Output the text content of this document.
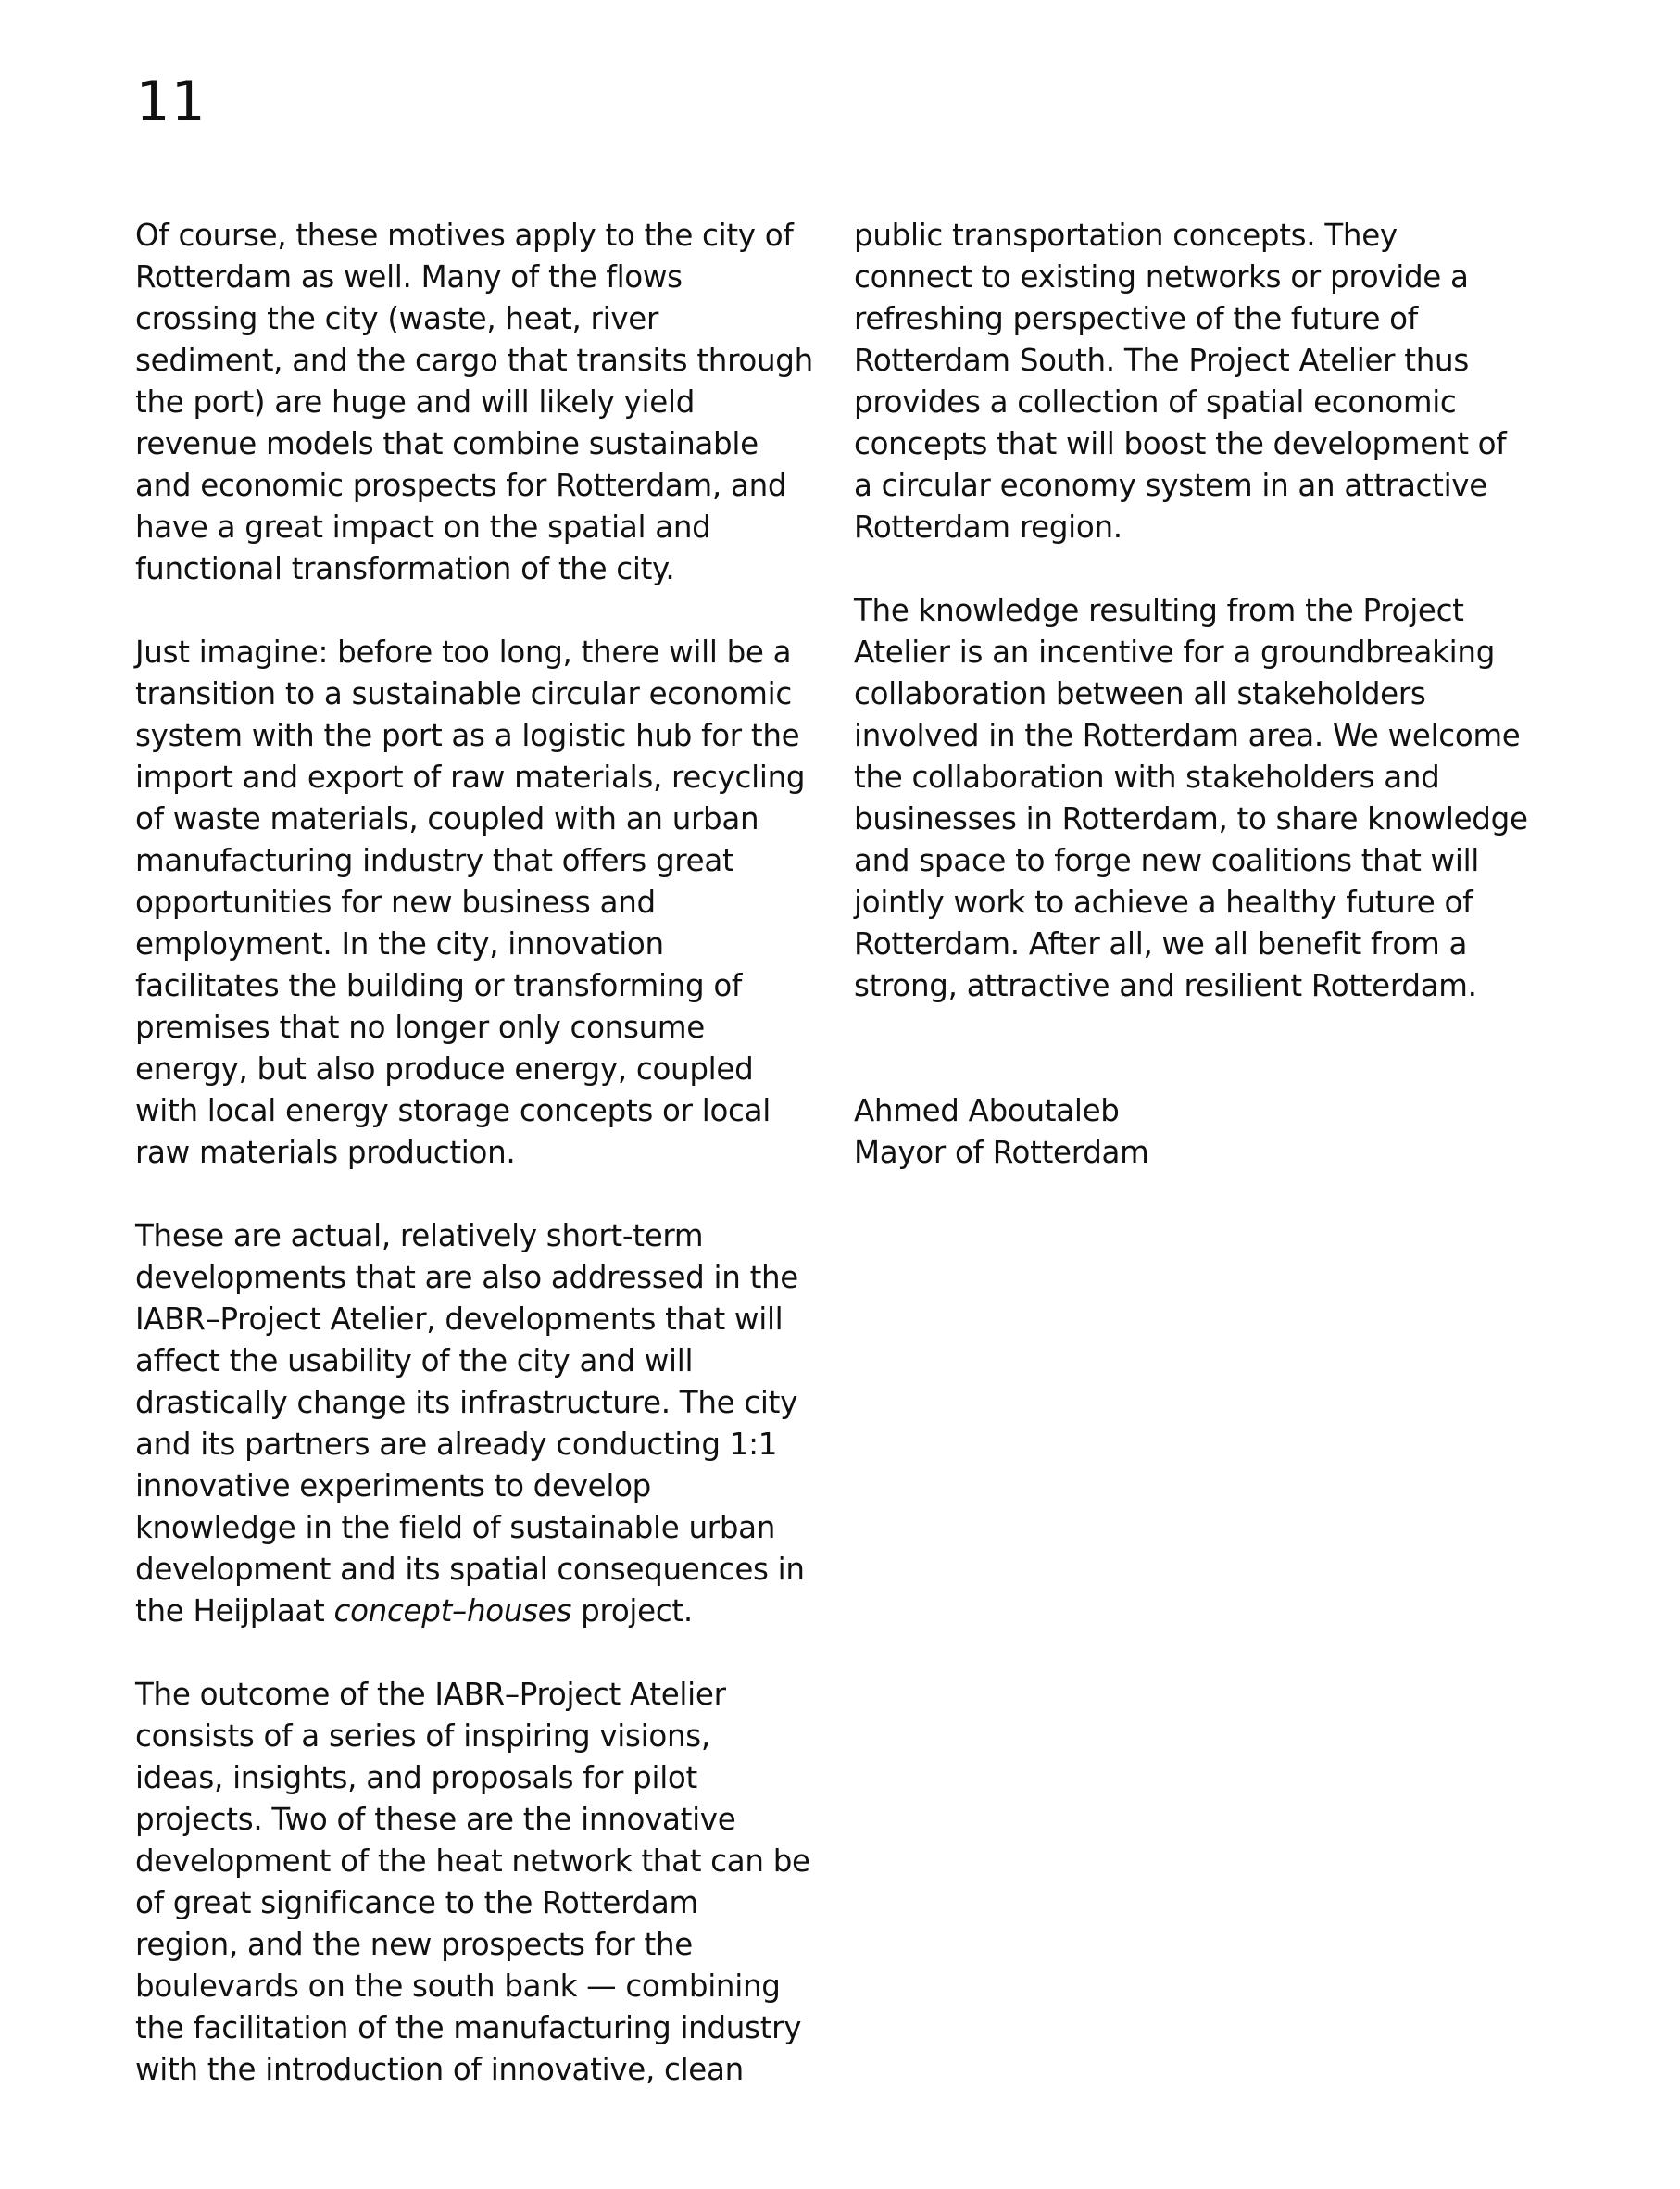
11

Of course, these motives apply to the city of
Rotterdam as well. Many of the flows
crossing the city (waste, heat, river
sediment, and the cargo that transits through
the port) are huge and will likely yield
revenue models that combine sustainable
and economic prospects for Rotterdam, and
have a great impact on the spatial and
functional transformation of the city.

Just imagine: before too long, there will be a
transition to a sustainable circular economic
system with the port as a logistic hub for the
import and export of raw materials, recycling
of waste materials, coupled with an urban
manufacturing industry that offers great
opportunities for new business and
employment. In the city, innovation
facilitates the building or transforming of
premises that no longer only consume
energy, but also produce energy, coupled
with local energy storage concepts or local
raw materials production.

These are actual, relatively short-term
developments that are also addressed in the
IABR–Project Atelier, developments that will
affect the usability of the city and will
drastically change its infrastructure. The city
and its partners are already conducting 1:1
innovative experiments to develop
knowledge in the field of sustainable urban
development and its spatial consequences in
the Heijplaat concept–houses project.

The outcome of the IABR–Project Atelier
consists of a series of inspiring visions,
ideas, insights, and proposals for pilot
projects. Two of these are the innovative
development of the heat network that can be
of great significance to the Rotterdam
region, and the new prospects for the
boulevards on the south bank — combining
the facilitation of the manufacturing industry
with the introduction of innovative, clean

public transportation concepts. They
connect to existing networks or provide a
refreshing perspective of the future of
Rotterdam South. The Project Atelier thus
provides a collection of spatial economic
concepts that will boost the development of
a circular economy system in an attractive
Rotterdam region.

The knowledge resulting from the Project
Atelier is an incentive for a groundbreaking
collaboration between all stakeholders
involved in the Rotterdam area. We welcome
the collaboration with stakeholders and
businesses in Rotterdam, to share knowledge
and space to forge new coalitions that will
jointly work to achieve a healthy future of
Rotterdam. After all, we all benefit from a
strong, attractive and resilient Rotterdam.

Ahmed Aboutaleb
Mayor of Rotterdam
